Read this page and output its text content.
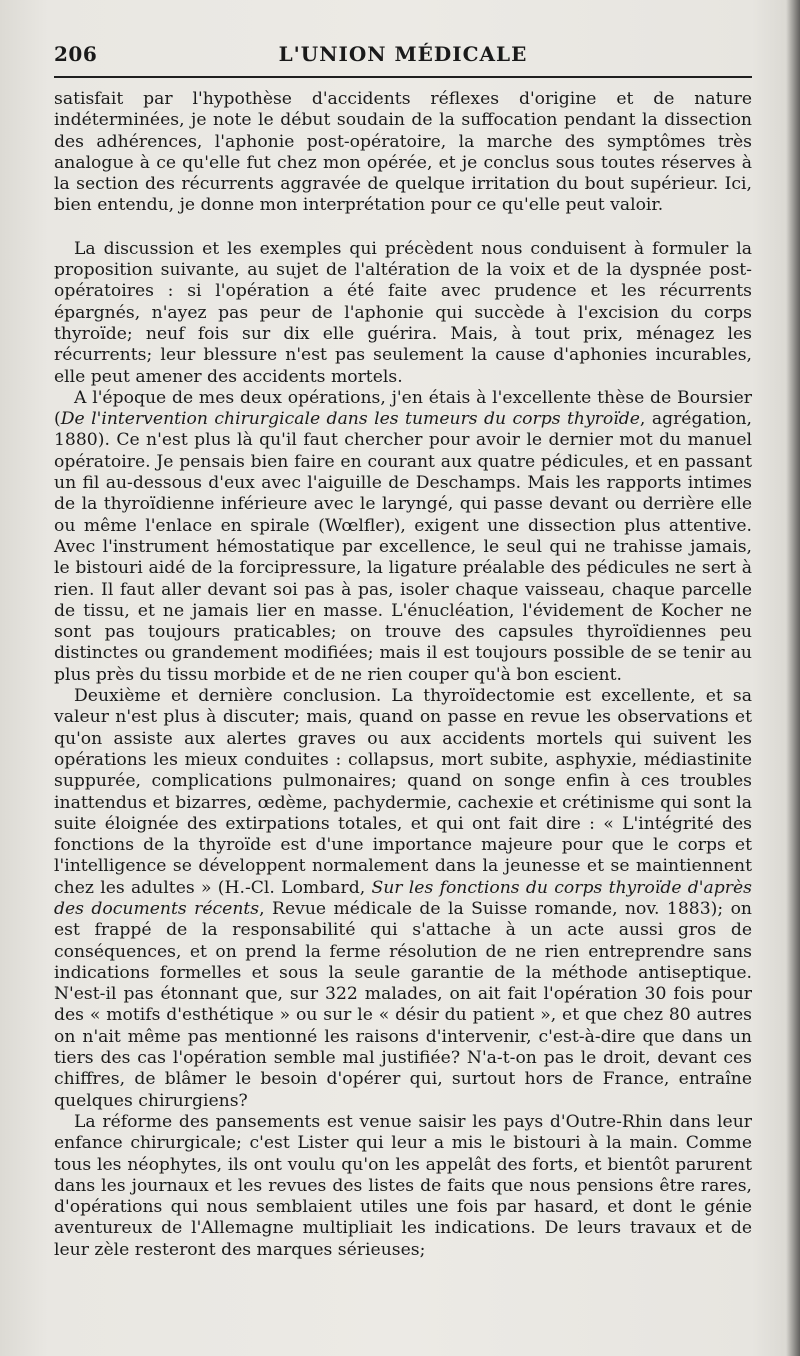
206	L'UNION MÉDICALE

satisfait par l'hypothèse d'accidents réflexes d'origine et de nature indéterminées, je note le début soudain de la suffocation pendant la dissection des adhérences, l'aphonie post-opératoire, la marche des symptômes très analogue à ce qu'elle fut chez mon opérée, et je conclus sous toutes réserves à la section des récurrents aggravée de quelque irritation du bout supérieur. Ici, bien entendu, je donne mon interprétation pour ce qu'elle peut valoir.

La discussion et les exemples qui précèdent nous conduisent à formuler la proposition suivante, au sujet de l'altération de la voix et de la dyspnée post-opératoires : si l'opération a été faite avec prudence et les récurrents épargnés, n'ayez pas peur de l'aphonie qui succède à l'excision du corps thyroïde; neuf fois sur dix elle guérira. Mais, à tout prix, ménagez les récurrents; leur blessure n'est pas seulement la cause d'aphonies incurables, elle peut amener des accidents mortels.

A l'époque de mes deux opérations, j'en étais à l'excellente thèse de Boursier (De l'intervention chirurgicale dans les tumeurs du corps thyroïde, agrégation, 1880). Ce n'est plus là qu'il faut chercher pour avoir le dernier mot du manuel opératoire. Je pensais bien faire en courant aux quatre pédicules, et en passant un fil au-dessous d'eux avec l'aiguille de Deschamps. Mais les rapports intimes de la thyroïdienne inférieure avec le laryngé, qui passe devant ou derrière elle ou même l'enlace en spirale (Wœlfler), exigent une dissection plus attentive. Avec l'instrument hémostatique par excellence, le seul qui ne trahisse jamais, le bistouri aidé de la forcipressure, la ligature préalable des pédicules ne sert à rien. Il faut aller devant soi pas à pas, isoler chaque vaisseau, chaque parcelle de tissu, et ne jamais lier en masse. L'énucléation, l'évidement de Kocher ne sont pas toujours praticables; on trouve des capsules thyroïdiennes peu distinctes ou grandement modifiées; mais il est toujours possible de se tenir au plus près du tissu morbide et de ne rien couper qu'à bon escient.

Deuxième et dernière conclusion. La thyroïdectomie est excellente, et sa valeur n'est plus à discuter; mais, quand on passe en revue les observations et qu'on assiste aux alertes graves ou aux accidents mortels qui suivent les opérations les mieux conduites : collapsus, mort subite, asphyxie, médiastinite suppurée, complications pulmonaires; quand on songe enfin à ces troubles inattendus et bizarres, œdème, pachydermie, cachexie et crétinisme qui sont la suite éloignée des extirpations totales, et qui ont fait dire : « L'intégrité des fonctions de la thyroïde est d'une importance majeure pour que le corps et l'intelligence se développent normalement dans la jeunesse et se maintiennent chez les adultes » (H.-Cl. Lombard, Sur les fonctions du corps thyroïde d'après des documents récents, Revue médicale de la Suisse romande, nov. 1883); on est frappé de la responsabilité qui s'attache à un acte aussi gros de conséquences, et on prend la ferme résolution de ne rien entreprendre sans indications formelles et sous la seule garantie de la méthode antiseptique. N'est-il pas étonnant que, sur 322 malades, on ait fait l'opération 30 fois pour des « motifs d'esthétique » ou sur le « désir du patient », et que chez 80 autres on n'ait même pas mentionné les raisons d'intervenir, c'est-à-dire que dans un tiers des cas l'opération semble mal justifiée? N'a-t-on pas le droit, devant ces chiffres, de blâmer le besoin d'opérer qui, surtout hors de France, entraîne quelques chirurgiens?

La réforme des pansements est venue saisir les pays d'Outre-Rhin dans leur enfance chirurgicale; c'est Lister qui leur a mis le bistouri à la main. Comme tous les néophytes, ils ont voulu qu'on les appelât des forts, et bientôt parurent dans les journaux et les revues des listes de faits que nous pensions être rares, d'opérations qui nous semblaient utiles une fois par hasard, et dont le génie aventureux de l'Allemagne multipliait les indications. De leurs travaux et de leur zèle resteront des marques sérieuses;
